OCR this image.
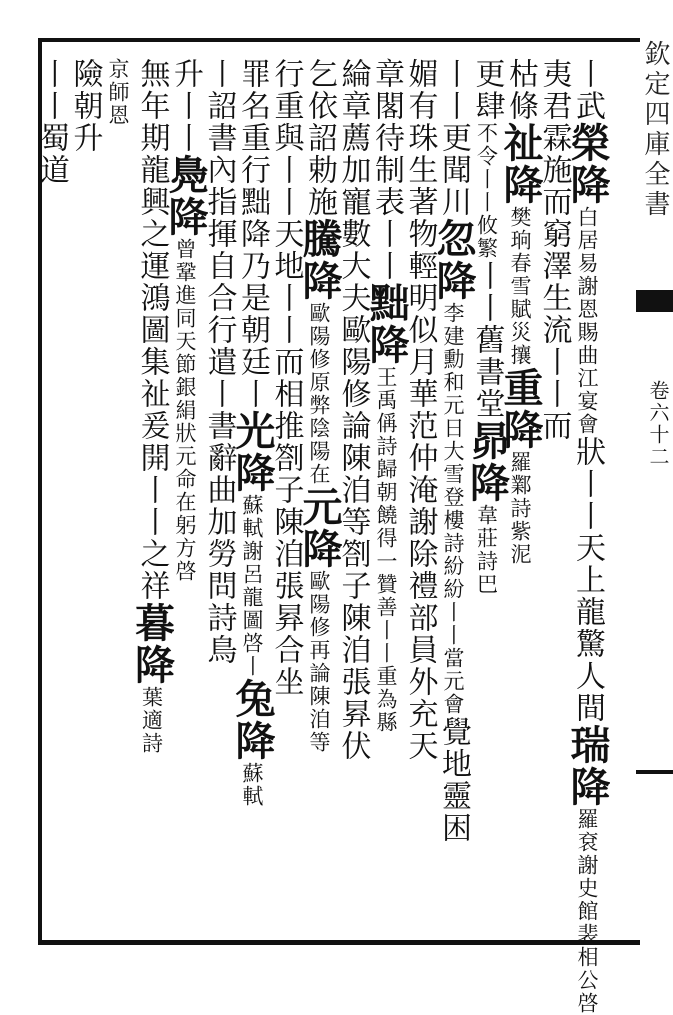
欽定四庫全書
卷六十二
丨武榮降白居易謝恩賜曲江宴會狀丨丨天上龍驚人間瑞降羅袞謝史館裴相公啓
夷君霖施而窮澤生流丨丨而
枯條祉降樊珦春雪賦災攘重降羅鄴詩紫泥
更肆不令丨丨攸繁丨丨舊書堂昴降韋莊詩巴
丨丨更聞川忽降李建勳和元日大雪登樓詩紛紛丨丨當元會覺地靈困
媚有珠生著物輕明似月華范仲淹謝除禮部員外充天
章閣待制表丨丨黜降王禹偁詩歸朝饒得一贊善丨丨重為縣
綸章薦加寵數大夫歐陽修論陳洎等劄子陳洎張昪伏
乞依詔勅施騰降歐陽修原弊陰陽在元降歐陽修再論陳洎等
行重與丨丨天地丨丨而相推劄子陳洎張昪合坐
罪名重行黜降乃是朝廷丨光降蘇軾謝呂龍圖啓丨兔降蘇軾
丨詔書內指揮自合行遣丨書辭曲加勞問詩鳥
升丨丨鳧降曾鞏進同天節銀絹狀元命在躬方啓
無年期龍興之運鴻圖集祉爰開丨丨之祥暮降葉適詩
京師恩
險朝升
丨丨蜀道
